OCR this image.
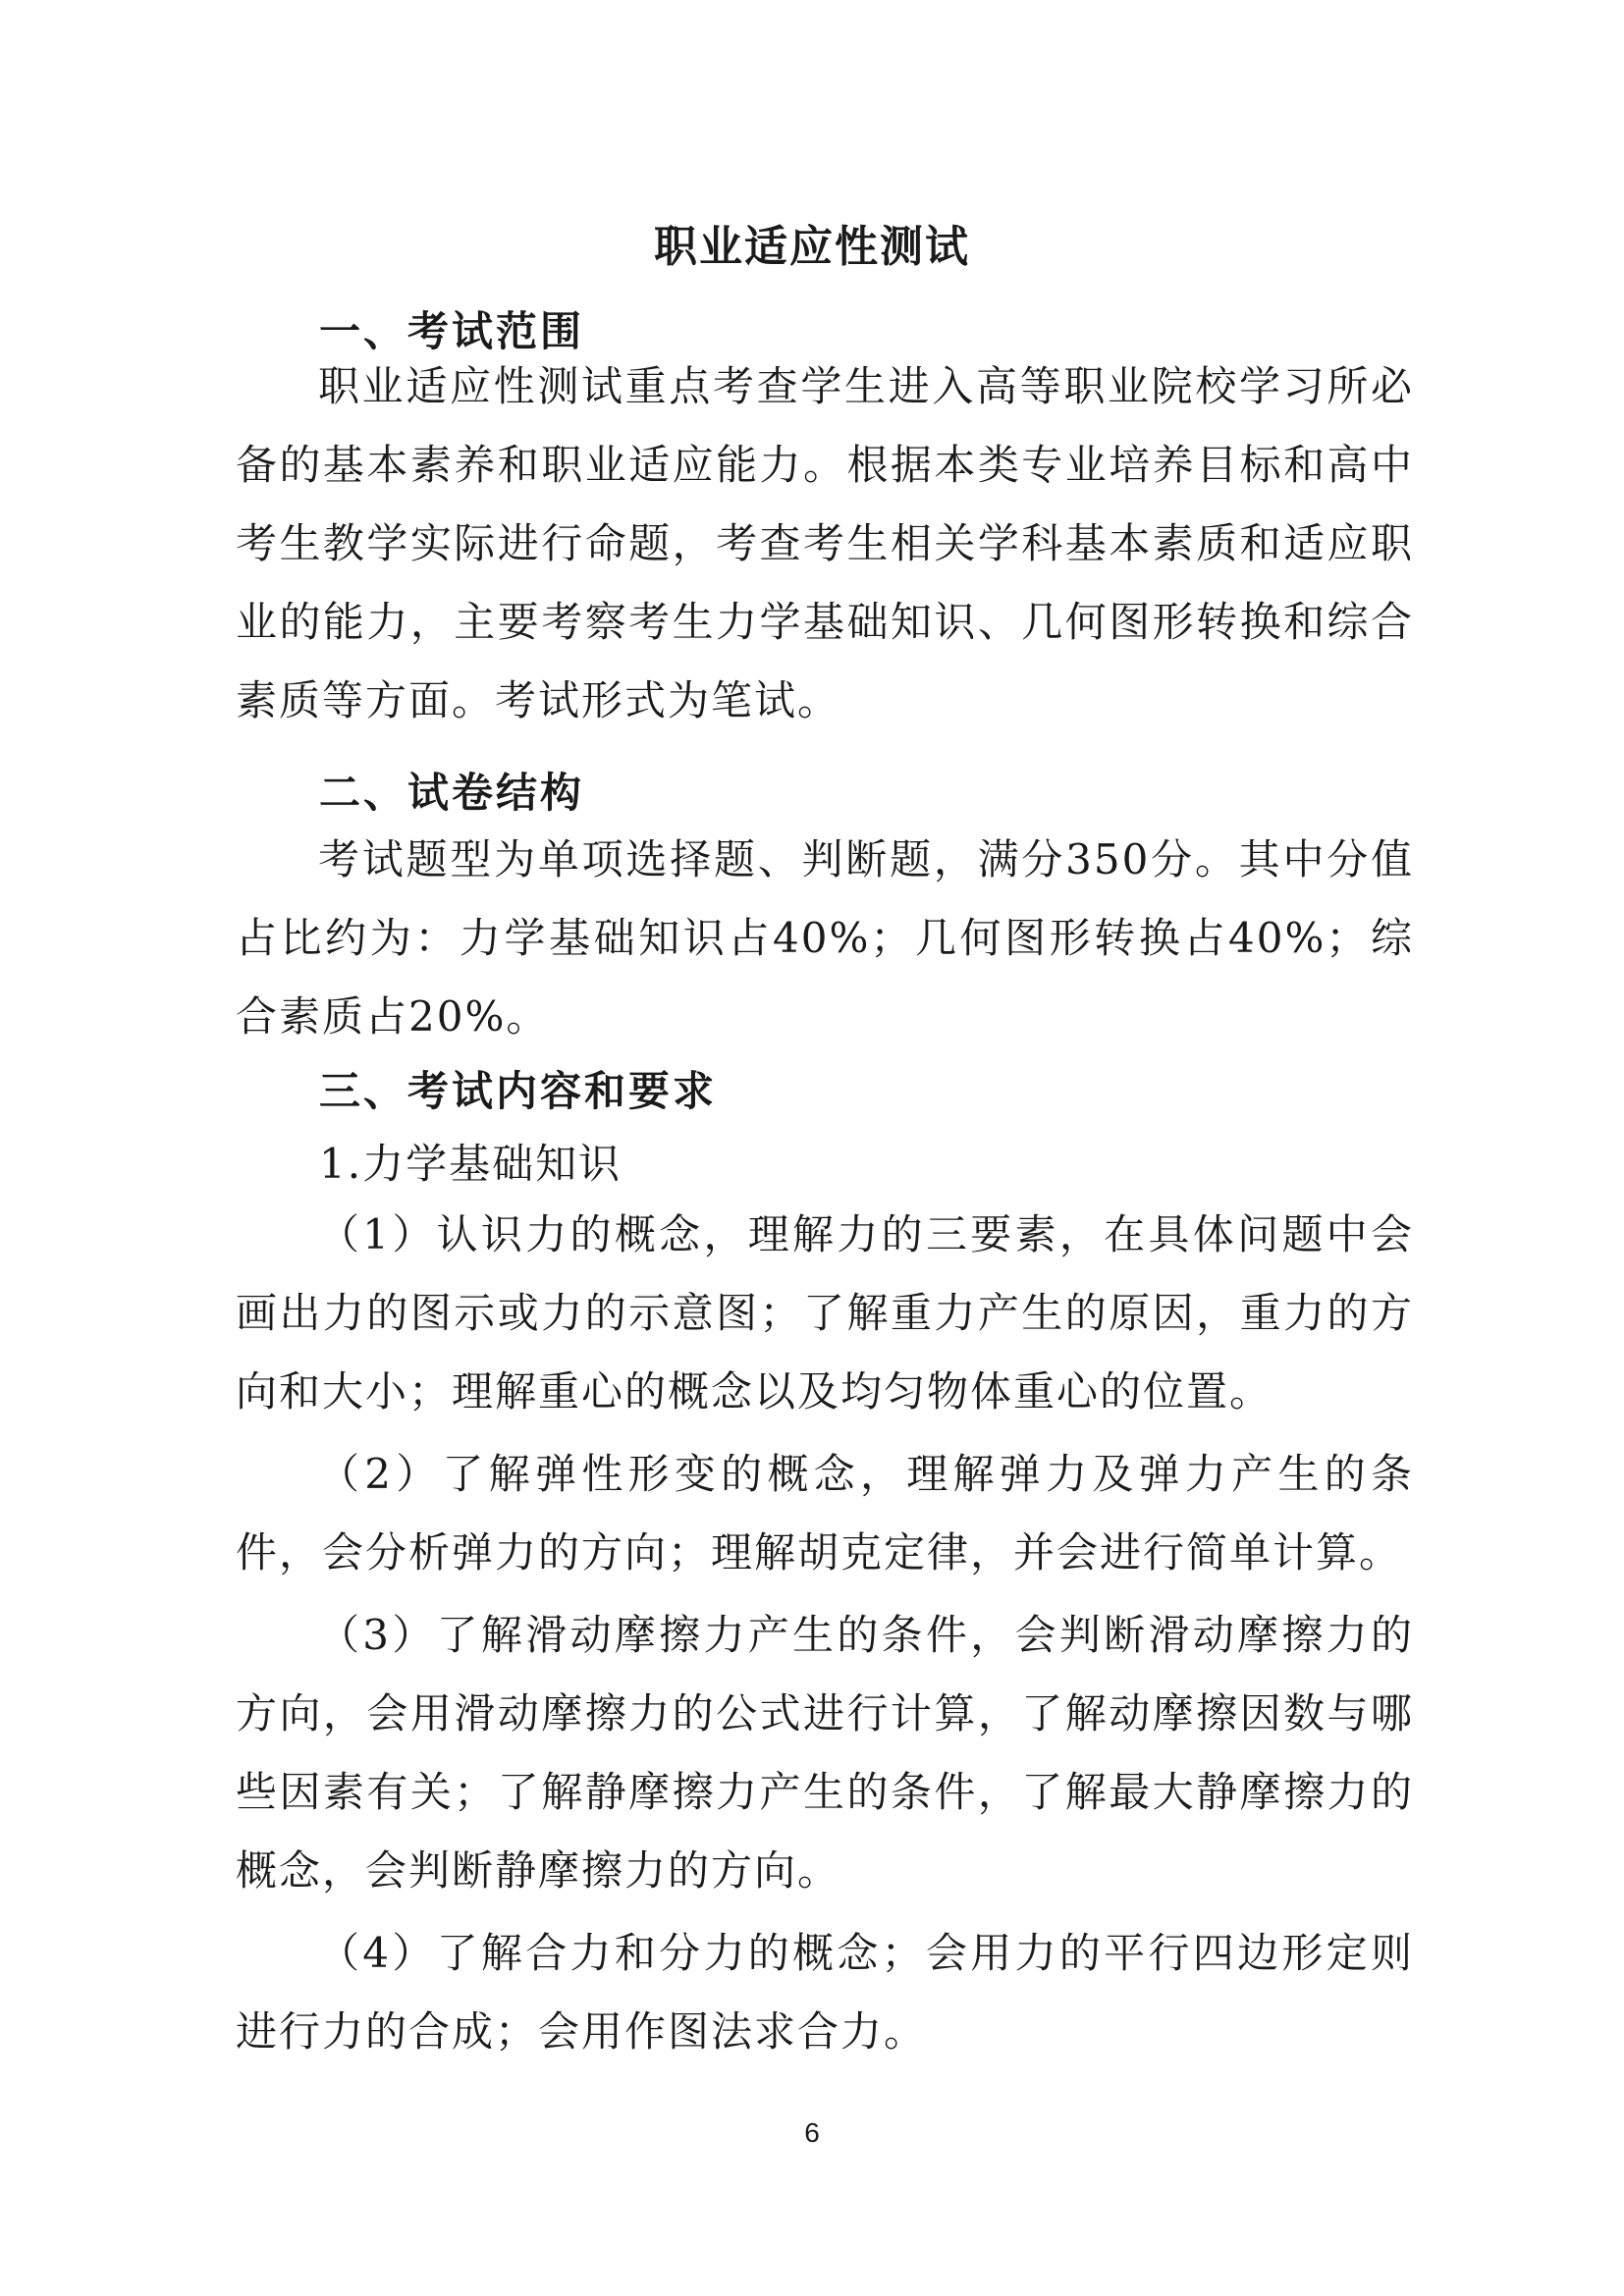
职业适应性测试
一、考试范围

职业适应性测试重点考查学生进入高等职业院校学习所必备的基本素养和职业适应能力。根据本类专业培养目标和高中考生教学实际进行命题，考查考生相关学科基本素质和适应职业的能力，主要考察考生力学基础知识、几何图形转换和综合素质等方面。考试形式为笔试。

二、试卷结构

考试题型为单项选择题、判断题，满分350分。其中分值占比约为：力学基础知识占40%；几何图形转换占40%；综合素质占20%。

三、考试内容和要求
1.力学基础知识

（1）认识力的概念，理解力的三要素，在具体问题中会画出力的图示或力的示意图；了解重力产生的原因，重力的方向和大小；理解重心的概念以及均匀物体重心的位置。

（2）了解弹性形变的概念，理解弹力及弹力产生的条件，会分析弹力的方向；理解胡克定律，并会进行简单计算。

（3）了解滑动摩擦力产生的条件，会判断滑动摩擦力的方向，会用滑动摩擦力的公式进行计算，了解动摩擦因数与哪些因素有关；了解静摩擦力产生的条件，了解最大静摩擦力的概念，会判断静摩擦力的方向。

（4）了解合力和分力的概念；会用力的平行四边形定则进行力的合成；会用作图法求合力。

6
